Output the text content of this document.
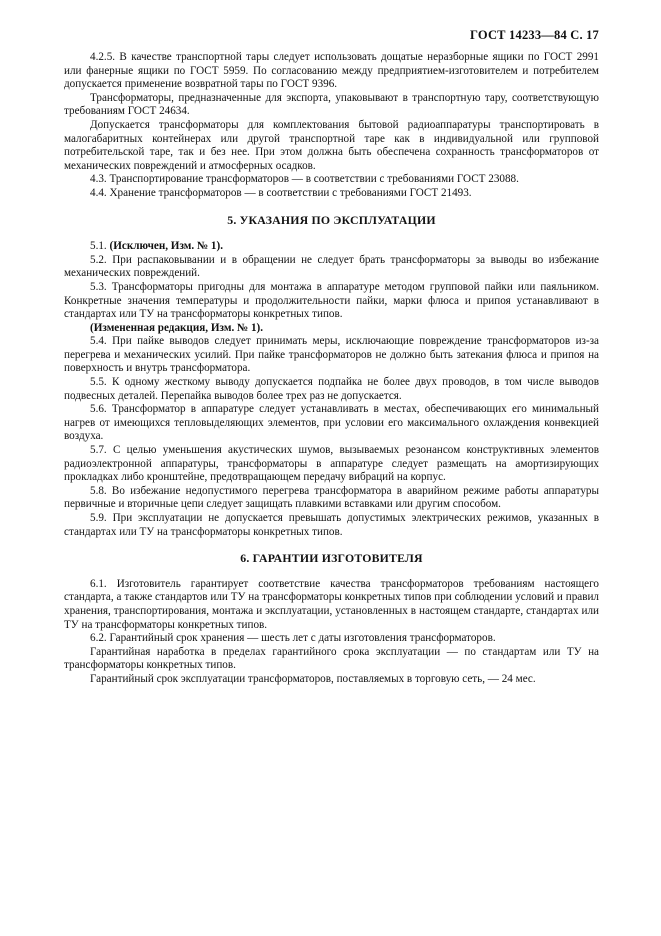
ГОСТ 14233—84 С. 17

4.2.5. В качестве транспортной тары следует использовать дощатые неразборные ящики по ГОСТ 2991 или фанерные ящики по ГОСТ 5959. По согласованию между предприятием-изготовителем и потребителем допускается применение возвратной тары по ГОСТ 9396.

Трансформаторы, предназначенные для экспорта, упаковывают в транспортную тару, соответствующую требованиям ГОСТ 24634.

Допускается трансформаторы для комплектования бытовой радиоаппаратуры транспортировать в малогабаритных контейнерах или другой транспортной таре как в индивидуальной или групповой потребительской таре, так и без нее. При этом должна быть обеспечена сохранность трансформаторов от механических повреждений и атмосферных осадков.

4.3. Транспортирование трансформаторов — в соответствии с требованиями ГОСТ 23088.

4.4. Хранение трансформаторов — в соответствии с требованиями ГОСТ 21493.

5. УКАЗАНИЯ ПО ЭКСПЛУАТАЦИИ

5.1. (Исключен, Изм. № 1).

5.2. При распаковывании и в обращении не следует брать трансформаторы за выводы во избежание механических повреждений.

5.3. Трансформаторы пригодны для монтажа в аппаратуре методом групповой пайки или паяльником. Конкретные значения температуры и продолжительности пайки, марки флюса и припоя устанавливают в стандартах или ТУ на трансформаторы конкретных типов.

(Измененная редакция, Изм. № 1).

5.4. При пайке выводов следует принимать меры, исключающие повреждение трансформаторов из-за перегрева и механических усилий. При пайке трансформаторов не должно быть затекания флюса и припоя на поверхность и внутрь трансформатора.

5.5. К одному жесткому выводу допускается подпайка не более двух проводов, в том числе выводов подвесных деталей. Перепайка выводов более трех раз не допускается.

5.6. Трансформатор в аппаратуре следует устанавливать в местах, обеспечивающих его минимальный нагрев от имеющихся тепловыделяющих элементов, при условии его максимального охлаждения конвекцией воздуха.

5.7. С целью уменьшения акустических шумов, вызываемых резонансом конструктивных элементов радиоэлектронной аппаратуры, трансформаторы в аппаратуре следует размещать на амортизирующих прокладках либо кронштейне, предотвращающем передачу вибраций на корпус.

5.8. Во избежание недопустимого перегрева трансформатора в аварийном режиме работы аппаратуры первичные и вторичные цепи следует защищать плавкими вставками или другим способом.

5.9. При эксплуатации не допускается превышать допустимых электрических режимов, указанных в стандартах или ТУ на трансформаторы конкретных типов.

6. ГАРАНТИИ ИЗГОТОВИТЕЛЯ

6.1. Изготовитель гарантирует соответствие качества трансформаторов требованиям настоящего стандарта, а также стандартов или ТУ на трансформаторы конкретных типов при соблюдении условий и правил хранения, транспортирования, монтажа и эксплуатации, установленных в настоящем стандарте, стандартах или ТУ на трансформаторы конкретных типов.

6.2. Гарантийный срок хранения — шесть лет с даты изготовления трансформаторов.

Гарантийная наработка в пределах гарантийного срока эксплуатации — по стандартам или ТУ на трансформаторы конкретных типов.

Гарантийный срок эксплуатации трансформаторов, поставляемых в торговую сеть, — 24 мес.
